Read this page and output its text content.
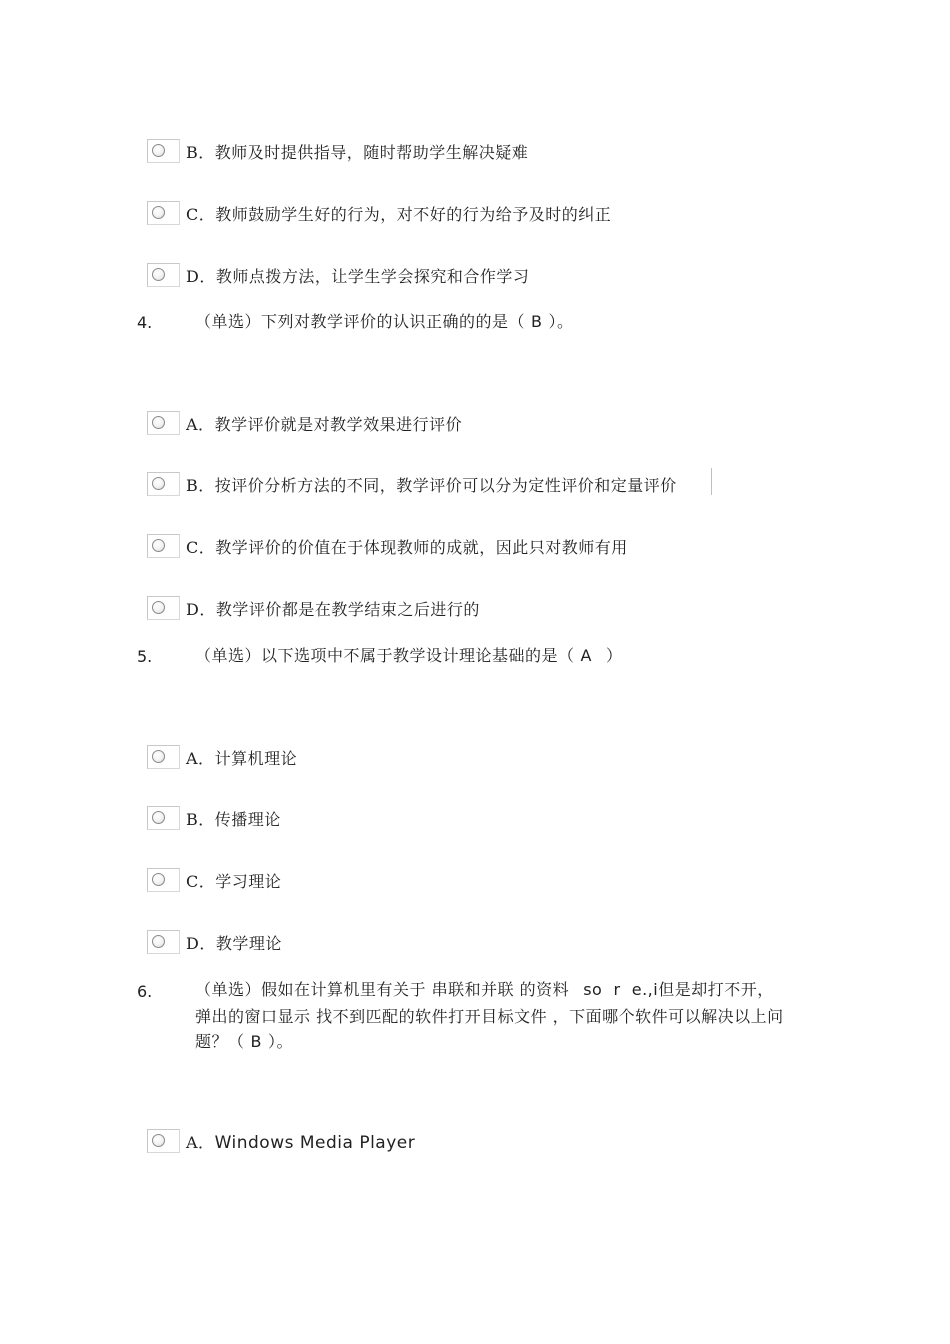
B．教师及时提供指导，随时帮助学生解决疑难
C．教师鼓励学生好的行为，对不好的行为给予及时的纠正
D．教师点拨方法，让学生学会探究和合作学习
4.	（单选）下列对教学评价的认识正确的的是（ B ）。
A．教学评价就是对教学效果进行评价
B．按评价分析方法的不同，教学评价可以分为定性评价和定量评价
C．教学评价的价值在于体现教师的成就，因此只对教师有用
D．教学评价都是在教学结束之后进行的
5.	（单选）以下选项中不属于教学设计理论基础的是（ A ）
A．计算机理论
B．传播理论
C．学习理论
D．教学理论
6.	（单选）假如在计算机里有关于 串联和并联 的资料 so  r  e.,i但是却打不开，
弹出的窗口显示 找不到匹配的软件打开目标文件 ，下面哪个软件可以解决以上问
题？（ B ）。
A．Windows Media Player
